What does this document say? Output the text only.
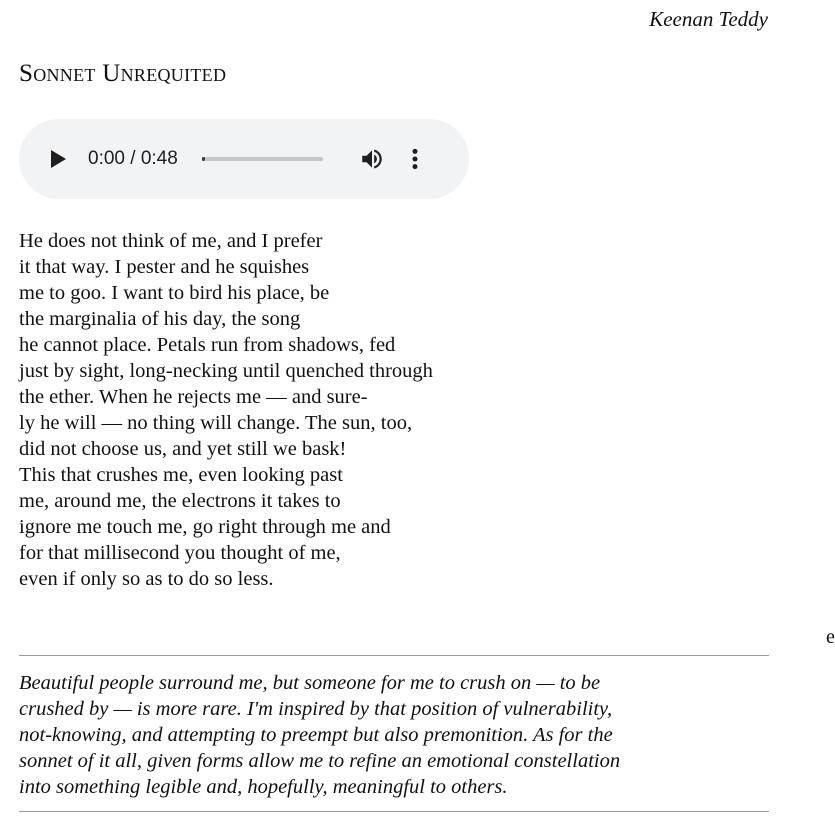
Keenan Teddy
Sonnet Unrequited
0:00 / 0:48
He does not think of me, and I prefer
it that way. I pester and he squishes
me to goo. I want to bird his place, be
the marginalia of his day, the song
he cannot place. Petals run from shadows, fed
just by sight, long-necking until quenched through
the ether. When he rejects me — and sure-
ly he will — no thing will change. The sun, too,
did not choose us, and yet still we bask!
This that crushes me, even looking past
me, around me, the electrons it takes to
ignore me touch me, go right through me and
for that millisecond you thought of me,
even if only so as to do so less.
e
Beautiful people surround me, but someone for me to crush on — to be
crushed by — is more rare. I'm inspired by that position of vulnerability,
not-knowing, and attempting to preempt but also premonition. As for the
sonnet of it all, given forms allow me to refine an emotional constellation
into something legible and, hopefully, meaningful to others.
